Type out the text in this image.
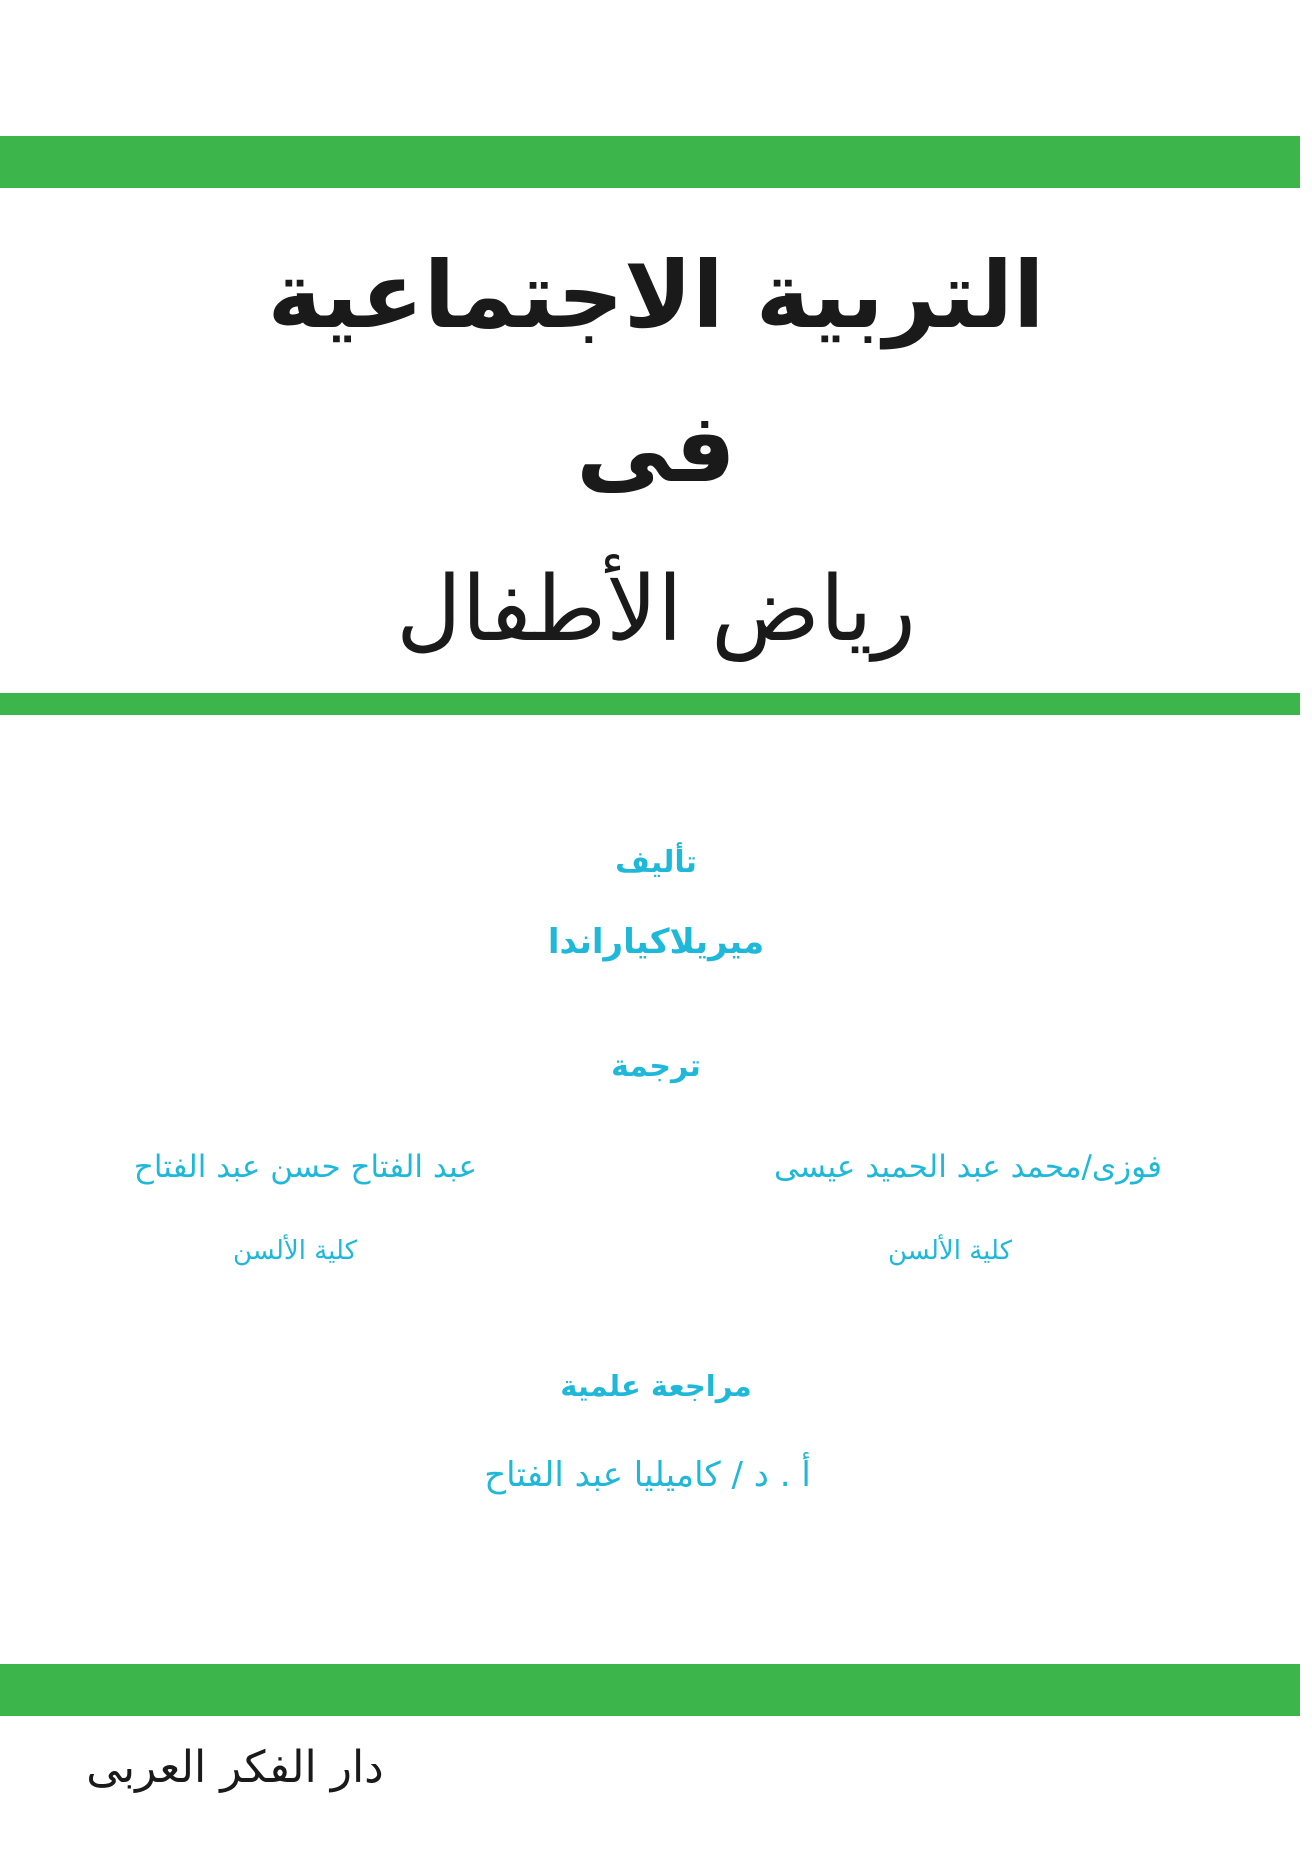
التربية الاجتماعية
فى
رياض الأطفال
تأليف
ميريلاكياراندا
ترجمة
فوزى/محمد عبد الحميد عيسى
كلية الألسن
عبد الفتاح حسن عبد الفتاح
كلية الألسن
مراجعة علمية
أ . د / كاميليا عبد الفتاح
دار الفكر العربى
